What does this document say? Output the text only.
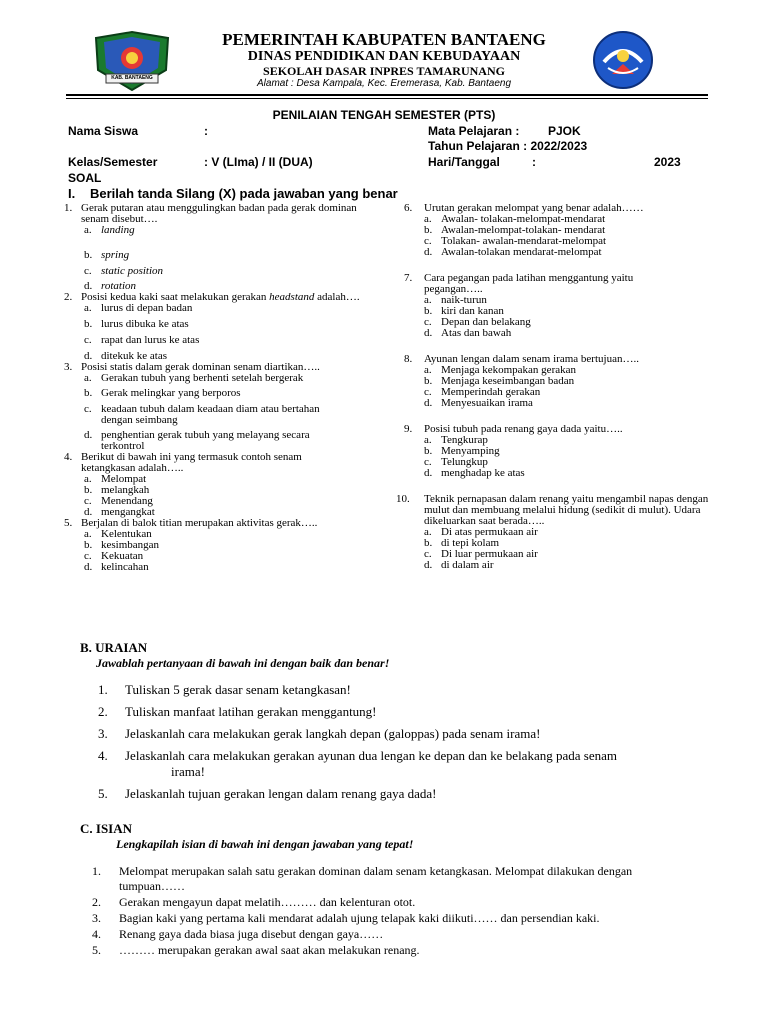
KAB. BANTAENG
PEMERINTAH KABUPATEN BANTAENG
DINAS PENDIDIKAN DAN KEBUDAYAAN
SEKOLAH DASAR INPRES TAMARUNANG
Alamat : Desa Kampala, Kec. Eremerasa, Kab. Bantaeng
PENILAIAN TENGAH SEMESTER (PTS)
Nama Siswa	:	Mata Pelajaran : PJOK
Tahun Pelajaran : 2022/2023
Kelas/Semester	: V (LIma) / II (DUA)	Hari/Tanggal	:	2023
SOAL
I. Berilah tanda Silang (X) pada jawaban yang benar
1. Gerak putaran atau menggulingkan badan pada gerak dominan senam disebut….
a. landing
b. spring
c. static position
d. rotation
2. Posisi kedua kaki saat melakukan gerakan headstand adalah….
a. lurus di depan badan
b. lurus dibuka ke atas
c. rapat dan lurus ke atas
d. ditekuk ke atas
3. Posisi statis dalam gerak dominan senam diartikan…..
a. Gerakan tubuh yang berhenti setelah bergerak
b. Gerak melingkar yang berporos
c. keadaan tubuh dalam keadaan diam atau bertahan dengan seimbang
d. penghentian gerak tubuh yang melayang secara terkontrol
4. Berikut di bawah ini yang termasuk contoh senam ketangkasan adalah…..
a. Melompat
b. melangkah
c. Menendang
d. mengangkat
5. Berjalan di balok titian merupakan aktivitas gerak…..
a. Kelentukan
b. kesimbangan
c. Kekuatan
d. kelincahan
6.	Urutan gerakan melompat yang benar adalah……
a. Awalan- tolakan-melompat-mendarat
b. Awalan-melompat-tolakan- mendarat
c. Tolakan- awalan-mendarat-melompat
d. Awalan-tolakan mendarat-melompat
7.	Cara pegangan pada latihan menggantung yaitu pegangan…..
a. naik-turun
b. kiri dan kanan
c. Depan dan belakang
d. Atas dan bawah
8.	Ayunan lengan dalam senam irama bertujuan…..
a. Menjaga kekompakan gerakan
b. Menjaga keseimbangan badan
c. Memperindah gerakan
d. Menyesuaikan irama
9.	Posisi tubuh pada renang gaya dada yaitu…..
a. Tengkurap
b. Menyamping
c. Telungkup
d. menghadap ke atas
10.	Teknik pernapasan dalam renang yaitu mengambil napas dengan mulut dan membuang melalui hidung (sedikit di mulut). Udara dikeluarkan saat berada…..
a. Di atas permukaan air
b. di tepi kolam
c. Di luar permukaan air
d. di dalam air
B. URAIAN
Jawablah pertanyaan di bawah ini dengan baik dan benar!
1. Tuliskan 5 gerak dasar senam ketangkasan!
2. Tuliskan manfaat latihan gerakan menggantung!
3. Jelaskanlah cara melakukan gerak langkah depan (galoppas) pada senam irama!
4. Jelaskanlah cara melakukan gerakan ayunan dua lengan ke depan dan ke belakang pada senam
irama!
5. Jelaskanlah tujuan gerakan lengan dalam renang gaya dada!
C. ISIAN
Lengkapilah isian di bawah ini dengan jawaban yang tepat!
1. Melompat merupakan salah satu gerakan dominan dalam senam ketangkasan. Melompat dilakukan dengan tumpuan……
2. Gerakan mengayun dapat melatih……… dan kelenturan otot.
3. Bagian kaki yang pertama kali mendarat adalah ujung telapak kaki diikuti…… dan persendian kaki.
4. Renang gaya dada biasa juga disebut dengan gaya……
5. ……… merupakan gerakan awal saat akan melakukan renang.
